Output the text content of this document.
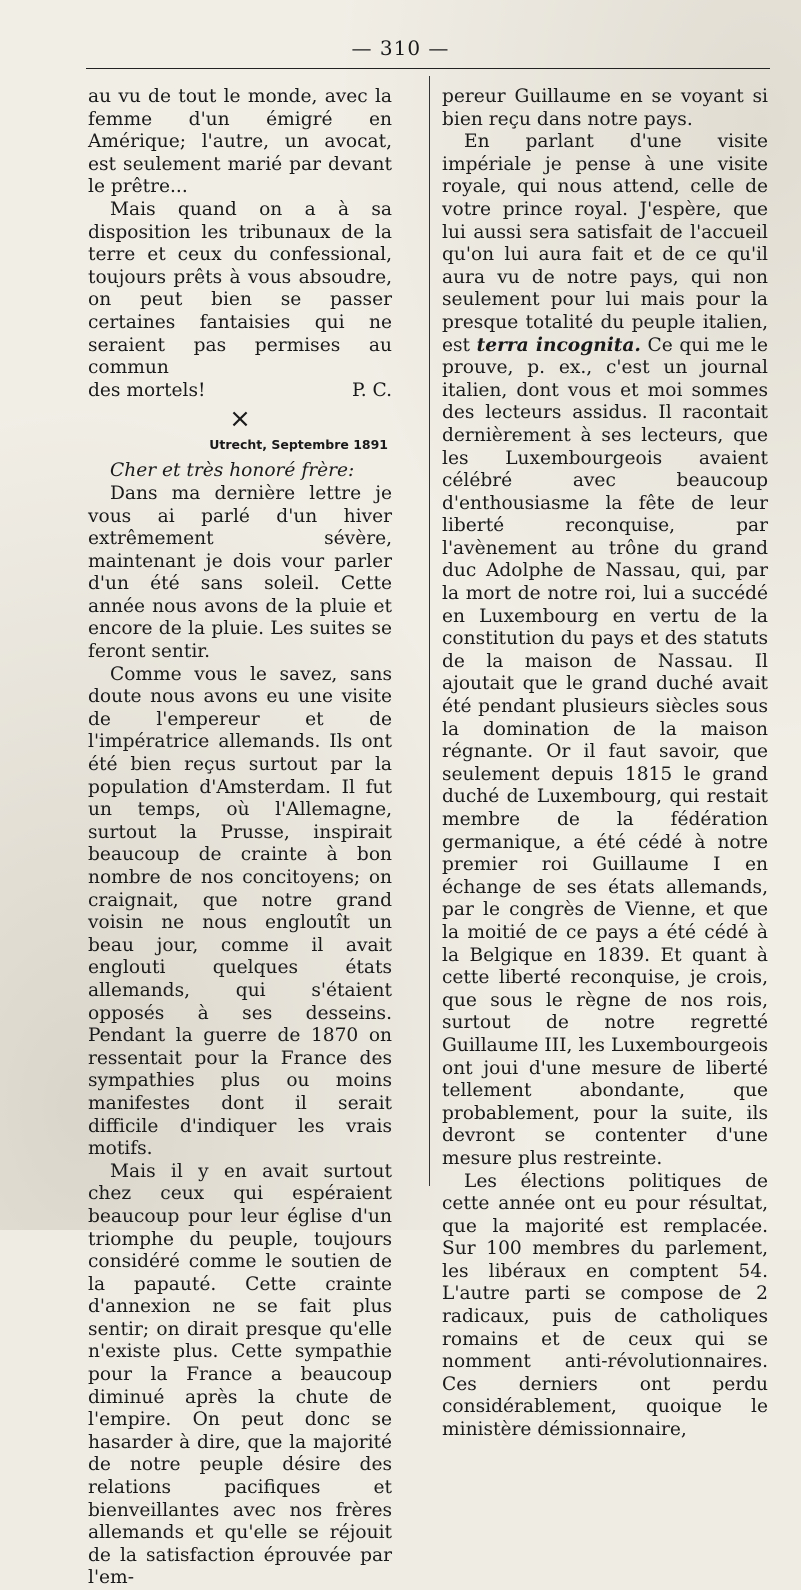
— 310 —

au vu de tout le monde, avec la femme d'un émigré en Amérique; l'autre, un avocat, est seulement marié par devant le prêtre...

Mais quand on a à sa disposition les tribunaux de la terre et ceux du confessional, toujours prêts à vous absoudre, on peut bien se passer certaines fantaisies qui ne seraient pas permises au commun

des mortels!	P. C.
×
Utrecht, Septembre 1891

Cher et très honoré frère:

Dans ma dernière lettre je vous ai parlé d'un hiver extrêmement sévère, maintenant je dois vour parler d'un été sans soleil. Cette année nous avons de la pluie et encore de la pluie. Les suites se feront sentir.

Comme vous le savez, sans doute nous avons eu une visite de l'empereur et de l'impératrice allemands. Ils ont été bien reçus surtout par la population d'Amsterdam. Il fut un temps, où l'Allemagne, surtout la Prusse, inspirait beaucoup de crainte à bon nombre de nos concitoyens; on craignait, que notre grand voisin ne nous engloutît un beau jour, comme il avait englouti quelques états allemands, qui s'étaient opposés à ses desseins. Pendant la guerre de 1870 on ressentait pour la France des sympathies plus ou moins manifestes dont il serait difficile d'indiquer les vrais motifs.

Mais il y en avait surtout chez ceux qui espéraient beaucoup pour leur église d'un triomphe du peuple, toujours considéré comme le soutien de la papauté. Cette crainte d'annexion ne se fait plus sentir; on dirait presque qu'elle n'existe plus. Cette sympathie pour la France a beaucoup diminué après la chute de l'empire. On peut donc se hasarder à dire, que la majorité de notre peuple désire des relations pacifiques et bienveillantes avec nos frères allemands et qu'elle se réjouit de la satisfaction éprouvée par l'em-

pereur Guillaume en se voyant si bien reçu dans notre pays.

En parlant d'une visite impériale je pense à une visite royale, qui nous attend, celle de votre prince royal. J'espère, que lui aussi sera satisfait de l'accueil qu'on lui aura fait et de ce qu'il aura vu de notre pays, qui non seulement pour lui mais pour la presque totalité du peuple italien, est terra incognita. Ce qui me le prouve, p. ex., c'est un journal italien, dont vous et moi sommes des lecteurs assidus. Il racontait dernièrement à ses lecteurs, que les Luxembourgeois avaient célébré avec beaucoup d'enthousiasme la fête de leur liberté reconquise, par l'avènement au trône du grand duc Adolphe de Nassau, qui, par la mort de notre roi, lui a succédé en Luxembourg en vertu de la constitution du pays et des statuts de la maison de Nassau. Il ajoutait que le grand duché avait été pendant plusieurs siècles sous la domination de la maison régnante. Or il faut savoir, que seulement depuis 1815 le grand duché de Luxembourg, qui restait membre de la fédération germanique, a été cédé à notre premier roi Guillaume I en échange de ses états allemands, par le congrès de Vienne, et que la moitié de ce pays a été cédé à la Belgique en 1839. Et quant à cette liberté reconquise, je crois, que sous le règne de nos rois, surtout de notre regretté Guillaume III, les Luxembourgeois ont joui d'une mesure de liberté tellement abondante, que probablement, pour la suite, ils devront se contenter d'une mesure plus restreinte.

Les élections politiques de cette année ont eu pour résultat, que la majorité est remplacée. Sur 100 membres du parlement, les libéraux en comptent 54. L'autre parti se compose de 2 radicaux, puis de catholiques romains et de ceux qui se nomment anti-révolutionnaires. Ces derniers ont perdu considérablement, quoique le ministère démissionnaire,
